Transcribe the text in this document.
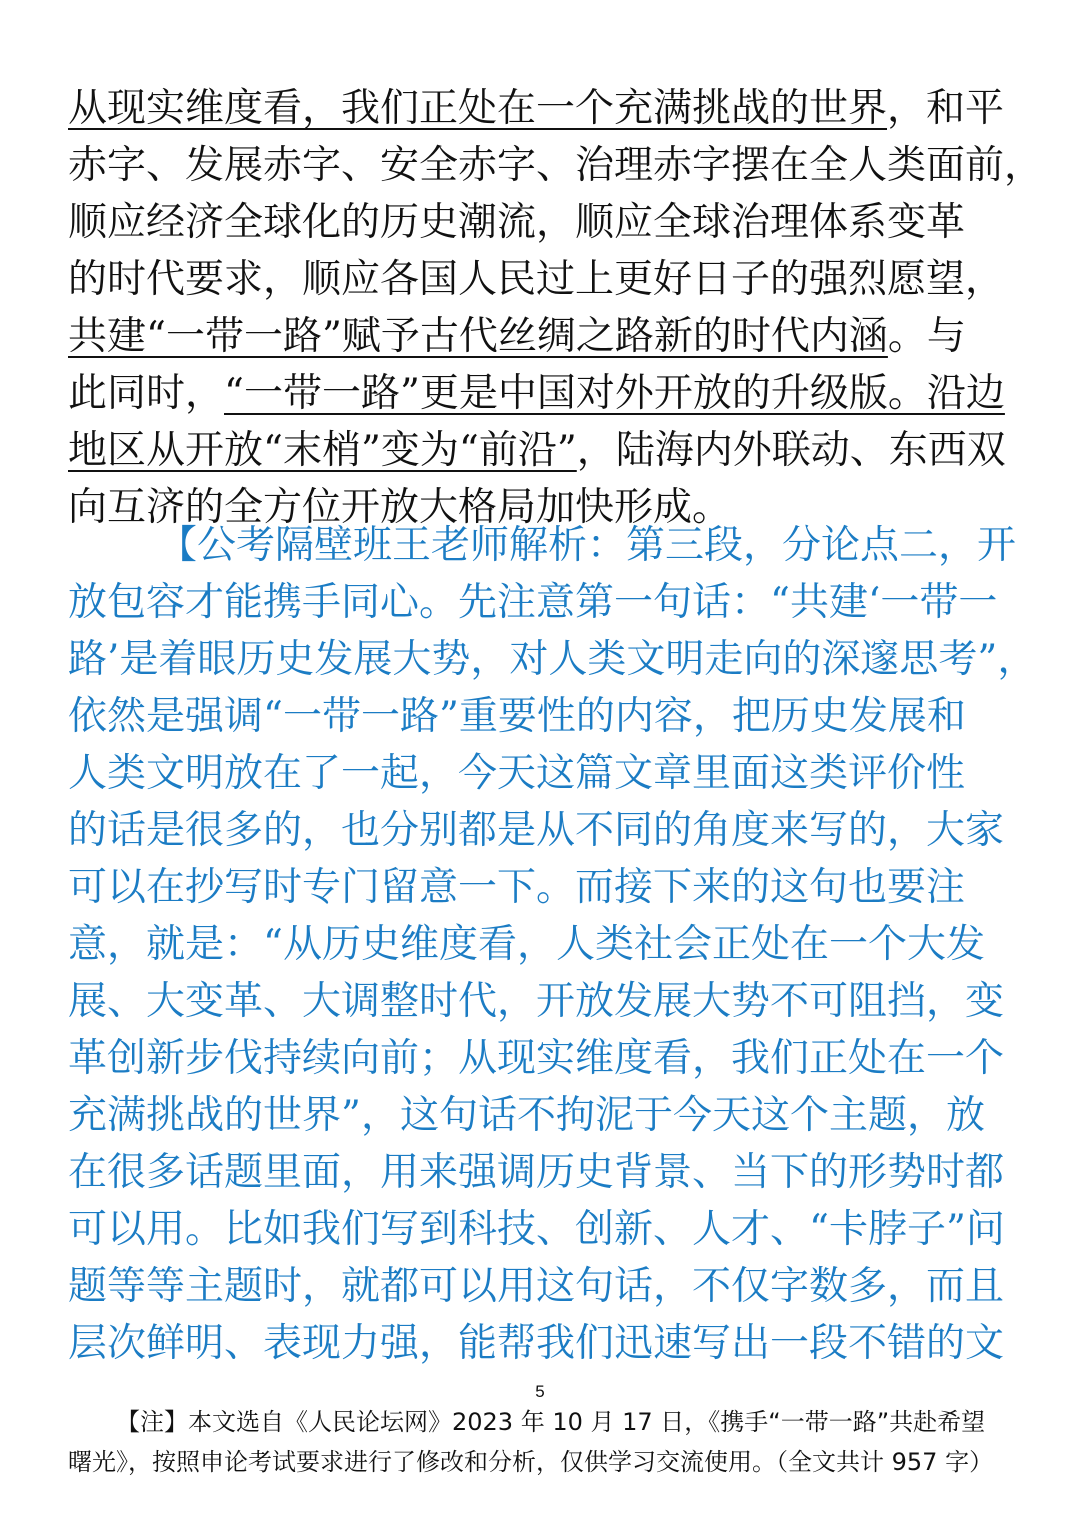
从现实维度看，我们正处在一个充满挑战的世界，和平
赤字、发展赤字、安全赤字、治理赤字摆在全人类面前，
顺应经济全球化的历史潮流，顺应全球治理体系变革
的时代要求，顺应各国人民过上更好日子的强烈愿望，
共建“一带一路”赋予古代丝绸之路新的时代内涵。与
此同时，“一带一路”更是中国对外开放的升级版。沿边
地区从开放“末梢”变为“前沿”，陆海内外联动、东西双
向互济的全方位开放大格局加快形成。
【公考隔壁班王老师解析：第三段，分论点二，开
放包容才能携手同心。先注意第一句话：“共建‘一带一
路’是着眼历史发展大势，对人类文明走向的深邃思考”，
依然是强调“一带一路”重要性的内容，把历史发展和
人类文明放在了一起，今天这篇文章里面这类评价性
的话是很多的，也分别都是从不同的角度来写的，大家
可以在抄写时专门留意一下。而接下来的这句也要注
意，就是：“从历史维度看，人类社会正处在一个大发
展、大变革、大调整时代，开放发展大势不可阻挡，变
革创新步伐持续向前；从现实维度看，我们正处在一个
充满挑战的世界”，这句话不拘泥于今天这个主题，放
在很多话题里面，用来强调历史背景、当下的形势时都
可以用。比如我们写到科技、创新、人才、“卡脖子”问
题等等主题时，就都可以用这句话，不仅字数多，而且
层次鲜明、表现力强，能帮我们迅速写出一段不错的文
5
【注】本文选自《人民论坛网》2023 年 10 月 17 日，《携手“一带一路”共赴希望
曙光》，按照申论考试要求进行了修改和分析，仅供学习交流使用。（全文共计 957 字）
